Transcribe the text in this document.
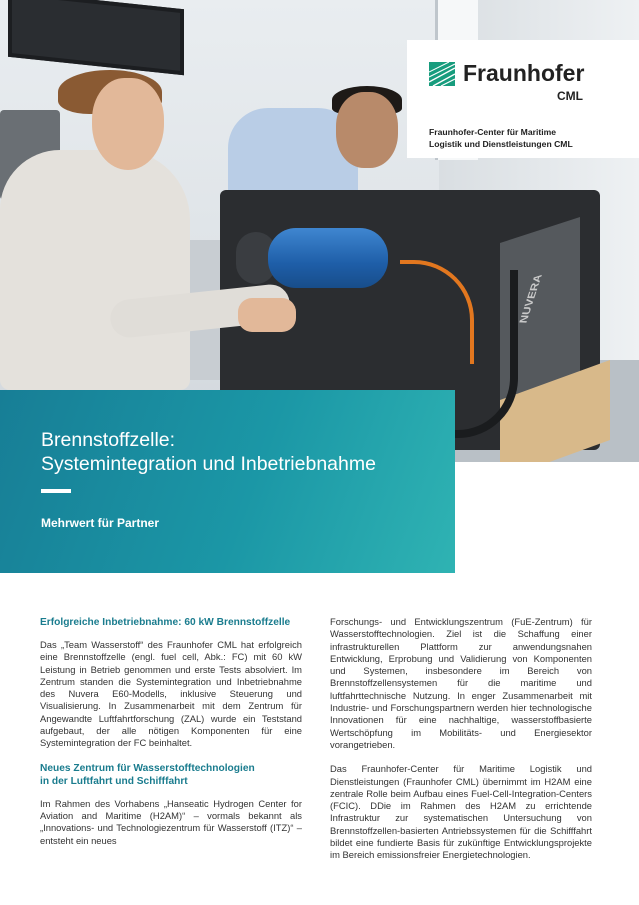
NUVERA
Fraunhofer
CML
Fraunhofer-Center für Maritime
Logistik und Dienstleistungen CML
Brennstoffzelle:
Systemintegration und Inbetriebnahme
Mehrwert für Partner
Erfolgreiche Inbetriebnahme: 60 kW Brennstoffzelle

Das „Team Wasserstoff“ des Fraunhofer CML hat erfolgreich eine Brennstoffzelle (engl. fuel cell, Abk.: FC) mit 60 kW Leistung in Betrieb genommen und erste Tests absolviert. Im Zentrum standen die Systemintegration und Inbetriebnahme des Nuvera E60-Modells, inklusive Steuerung und Visualisierung. In Zusammenarbeit mit dem Zentrum für Angewandte Luftfahrtforschung (ZAL) wurde ein Teststand aufgebaut, der alle nötigen Komponenten für eine Systemintegration der FC beinhaltet.

Neues Zentrum für Wasserstofftechnologien
in der Luftfahrt und Schifffahrt

Im Rahmen des Vorhabens „Hanseatic Hydrogen Center for Aviation and Maritime (H2AM)“ – vormals bekannt als „Innovations- und Technologiezentrum für Wasserstoff (ITZ)“ – entsteht ein neues

Forschungs- und Entwicklungszentrum (FuE-Zentrum) für Wasserstofftechnologien. Ziel ist die Schaffung einer infrastrukturellen Plattform zur anwendungsnahen Entwicklung, Erprobung und Validierung von Komponenten und Systemen, insbesondere im Bereich von Brennstoffzellensystemen für die maritime und luftfahrttechnische Nutzung. In enger Zusammenarbeit mit Industrie- und Forschungspartnern werden hier technologische Innovationen für eine nachhaltige, wasserstoffbasierte Wertschöpfung im Mobilitäts- und Energiesektor vorangetrieben.

Das Fraunhofer-Center für Maritime Logistik und Dienstleistungen (Fraunhofer CML) übernimmt im H2AM eine zentrale Rolle beim Aufbau eines Fuel-Cell-Integration-Centers (FCIC). DDie im Rahmen des H2AM zu errichtende Infrastruktur zur systematischen Untersuchung von Brennstoffzellen-basierten Antriebssystemen für die Schifffahrt bildet eine fundierte Basis für zukünftige Entwicklungsprojekte im Bereich emissionsfreier Energietechnologien.
